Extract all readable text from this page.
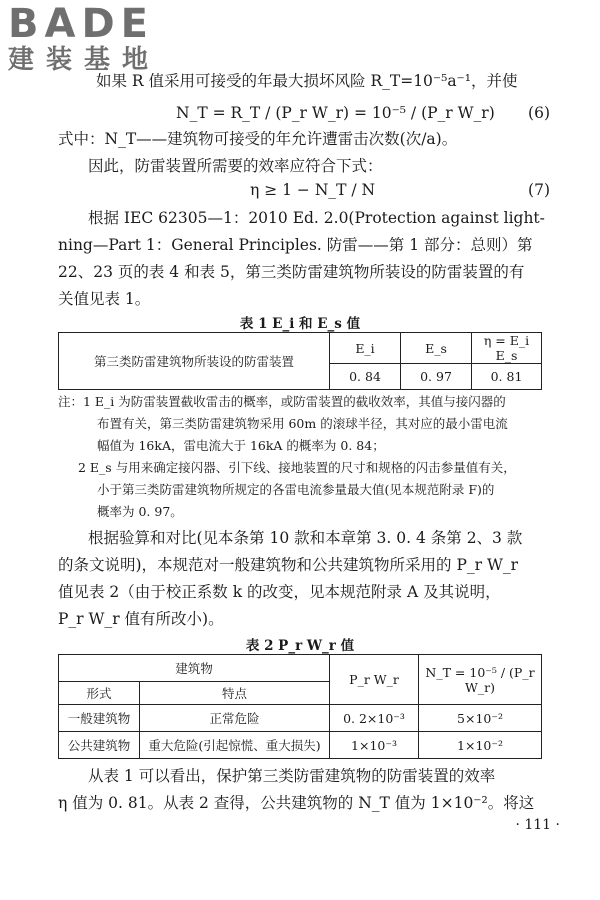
BADE
建装基地
如果 R 值采用可接受的年最大损坏风险 R_T=10⁻⁵a⁻¹，并使
N_T = R_T / (P_r W_r) = 10⁻⁵ / (P_r W_r) (6)
式中：N_T——建筑物可接受的年允许遭雷击次数(次/a)。
因此，防雷装置所需要的效率应符合下式：
η ≥ 1 − N_T / N	(7)
根据 IEC 62305—1：2010 Ed. 2.0(Protection against light-
ning—Part 1：General Principles. 防雷——第 1 部分：总则）第
22、23 页的表 4 和表 5，第三类防雷建筑物所装设的防雷装置的有
关值见表 1。
表 1 E_i 和 E_s 值
第三类防雷建筑物所装设的防雷装置	E_i	E_s	η = E_i E_s
	0. 84	0. 97	0. 81
注：1 E_i 为防雷装置截收雷击的概率，或防雷装置的截收效率，其值与接闪器的
布置有关，第三类防雷建筑物采用 60m 的滚球半径，其对应的最小雷电流
幅值为 16kA，雷电流大于 16kA 的概率为 0. 84；
2 E_s 与用来确定接闪器、引下线、接地装置的尺寸和规格的闪击参量值有关，
小于第三类防雷建筑物所规定的各雷电流参量最大值(见本规范附录 F)的
概率为 0. 97。
根据验算和对比(见本条第 10 款和本章第 3. 0. 4 条第 2、3 款
的条文说明)，本规范对一般建筑物和公共建筑物所采用的 P_r W_r
值见表 2（由于校正系数 k 的改变，见本规范附录 A 及其说明，
P_r W_r 值有所改小)。
表 2 P_r W_r 值
建筑物		P_r W_r	N_T = 10⁻⁵ / (P_r W_r)
形式	特点		
一般建筑物	正常危险	0. 2×10⁻³	5×10⁻²
公共建筑物	重大危险(引起惊慌、重大损失)	1×10⁻³	1×10⁻²
从表 1 可以看出，保护第三类防雷建筑物的防雷装置的效率
η 值为 0. 81。从表 2 查得，公共建筑物的 N_T 值为 1×10⁻²。将这
· 111 ·
